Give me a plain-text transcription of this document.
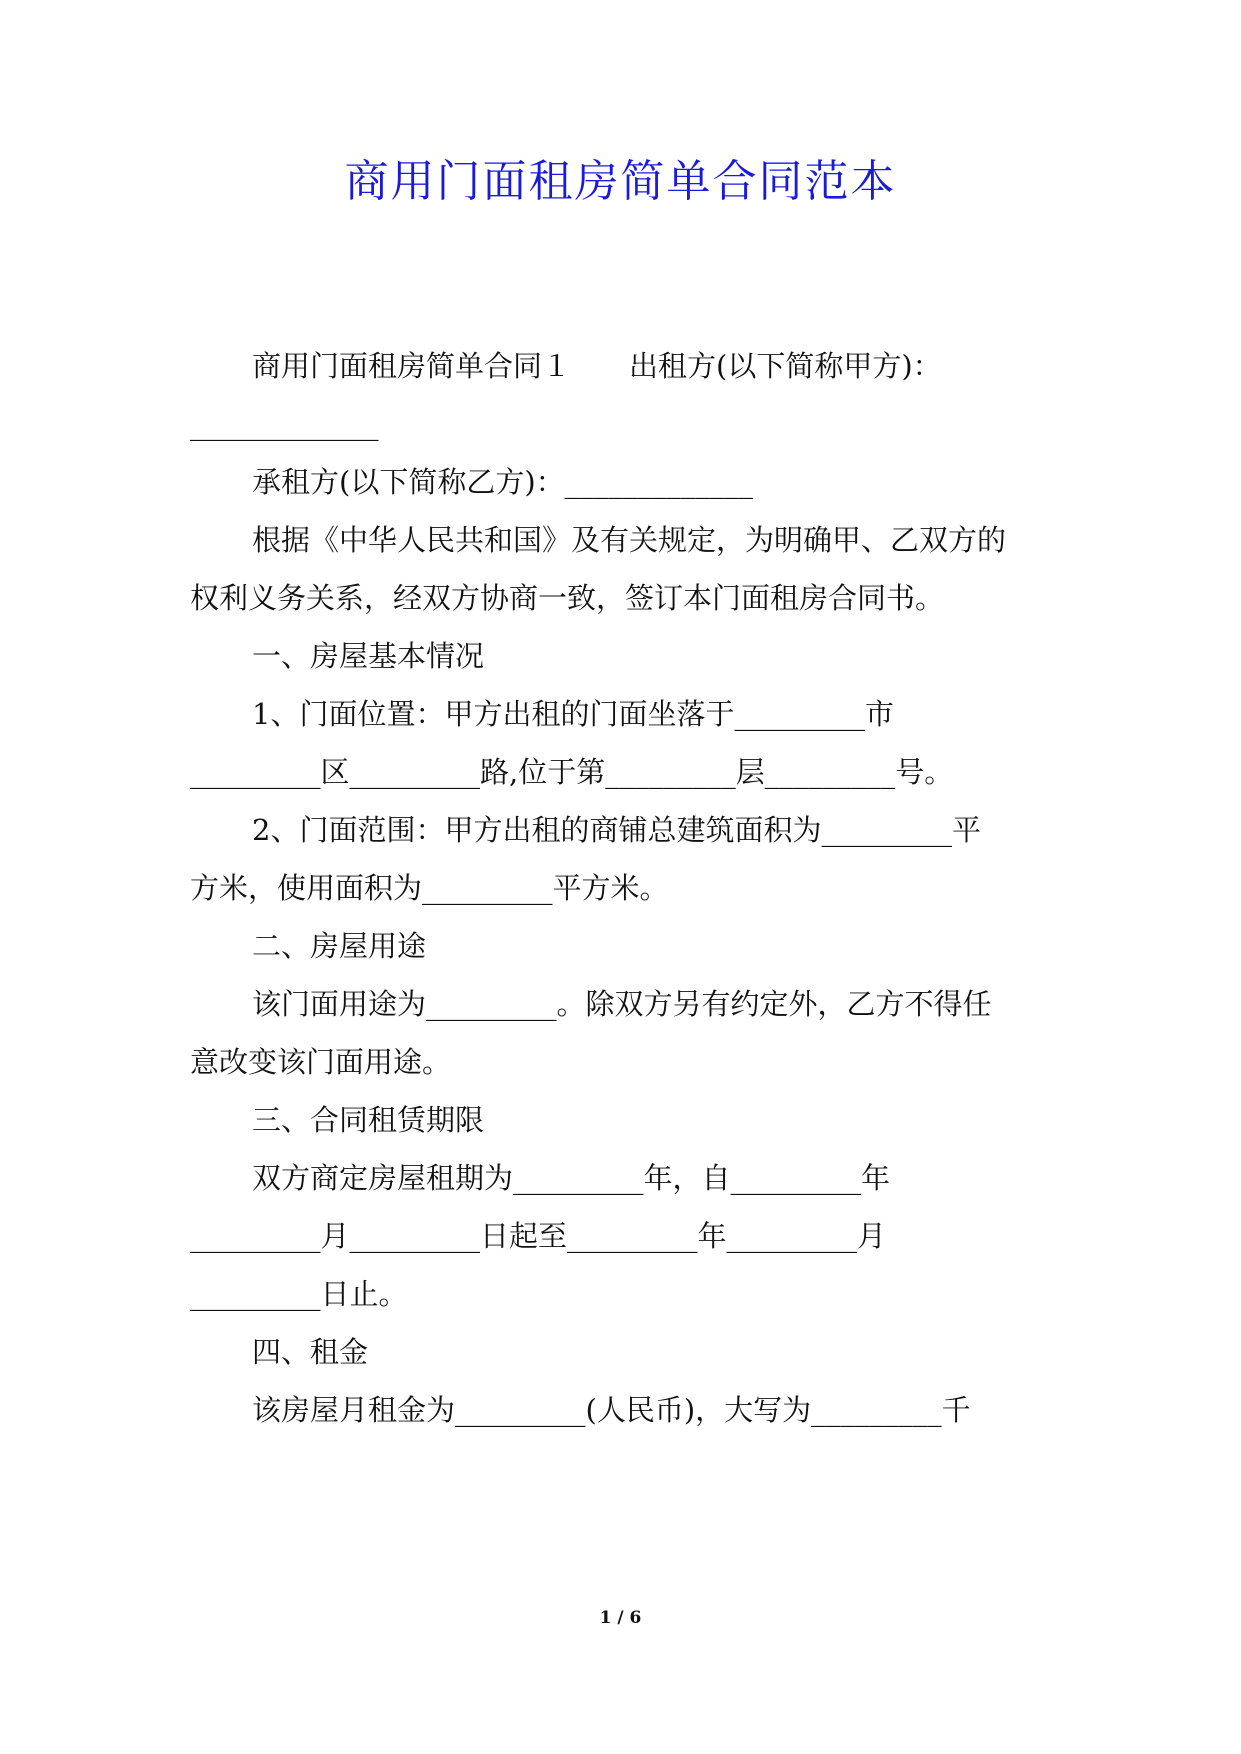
商用门面租房简单合同范本
商用门面租房简单合同１　　出租方(以下简称甲方)：
_____________
承租方(以下简称乙方)：_____________
根据《中华人民共和国》及有关规定，为明确甲、乙双方的
权利义务关系，经双方协商一致，签订本门面租房合同书。
一、房屋基本情况
1、门面位置：甲方出租的门面坐落于_________市
_________区_________路,位于第_________层_________号。
2、门面范围：甲方出租的商铺总建筑面积为_________平
方米，使用面积为_________平方米。
二、房屋用途
该门面用途为_________。除双方另有约定外，乙方不得任
意改变该门面用途。
三、合同租赁期限
双方商定房屋租期为_________年，自_________年
_________月_________日起至_________年_________月
_________日止。
四、租金
该房屋月租金为_________(人民币)，大写为_________千
1 / 6
